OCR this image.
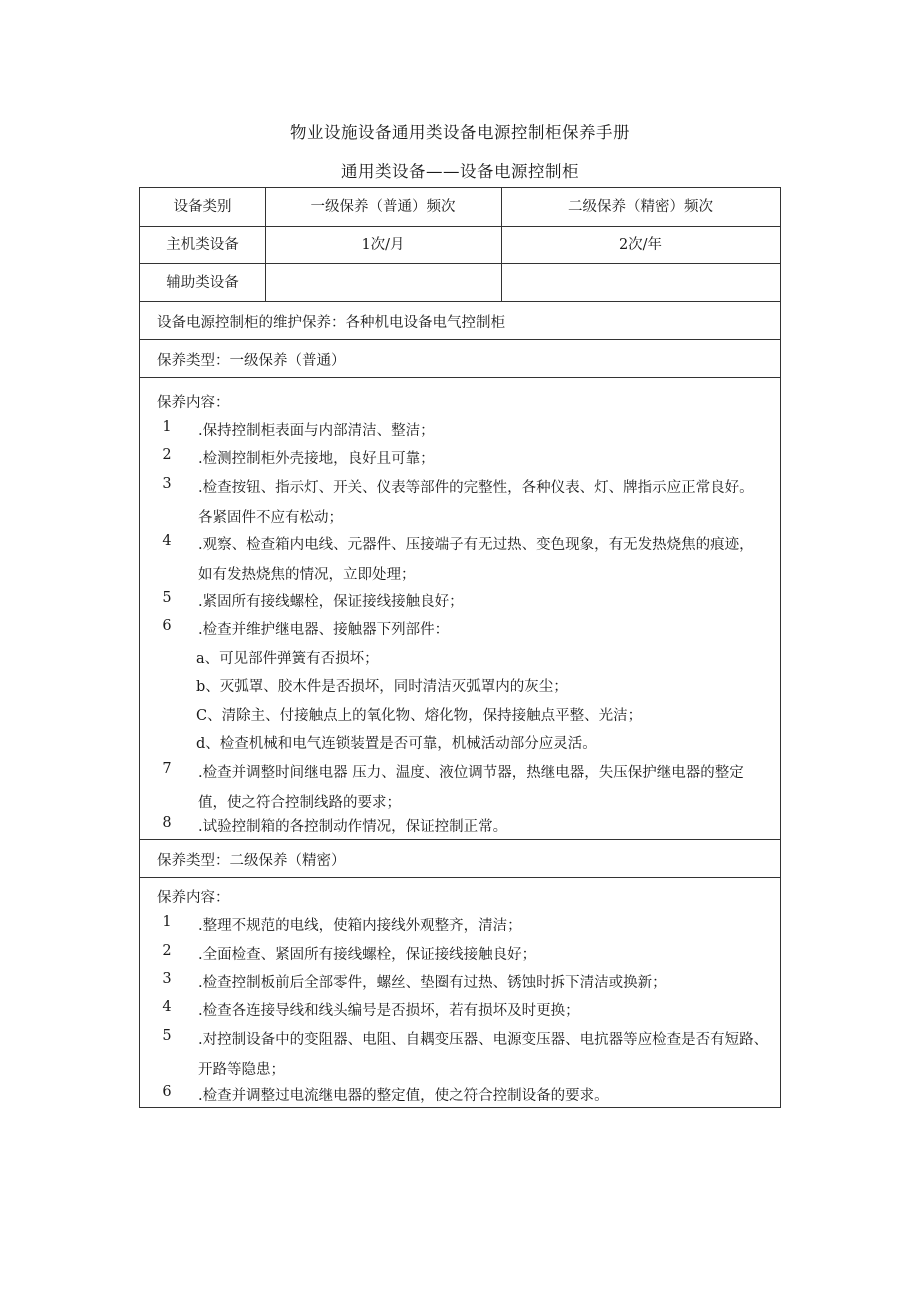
物业设施设备通用类设备电源控制柜保养手册
通用类设备——设备电源控制柜
设备类别	一级保养（普通）频次	二级保养（精密）频次
主机类设备	1次/月	2次/年
辅助类设备
设备电源控制柜的维护保养：各种机电设备电气控制柜
保养类型：一级保养（普通）
保养内容：
1 .保持控制柜表面与内部清洁、整洁；
2 .检测控制柜外壳接地，良好且可靠；
3 .检查按钮、指示灯、开关、仪表等部件的完整性，各种仪表、灯、牌指示应正常良好。
各紧固件不应有松动；
4 .观察、检查箱内电线、元器件、压接端子有无过热、变色现象，有无发热烧焦的痕迹，
如有发热烧焦的情况，立即处理；
5 .紧固所有接线螺栓，保证接线接触良好；
6 .检查并维护继电器、接触器下列部件：
a、可见部件弹簧有否损坏；
b、灭弧罩、胶木件是否损坏，同时清洁灭弧罩内的灰尘；
C、清除主、付接触点上的氧化物、熔化物，保持接触点平整、光洁；
d、检查机械和电气连锁装置是否可靠，机械活动部分应灵活。
7 .检查并调整时间继电器 压力、温度、液位调节器，热继电器，失压保护继电器的整定
值，使之符合控制线路的要求；
8 .试验控制箱的各控制动作情况，保证控制正常。
保养类型：二级保养（精密）
保养内容：
1 .整理不规范的电线，使箱内接线外观整齐，清洁；
2 .全面检查、紧固所有接线螺栓，保证接线接触良好；
3 .检查控制板前后全部零件，螺丝、垫圈有过热、锈蚀时拆下清洁或换新；
4 .检查各连接导线和线头编号是否损坏，若有损坏及时更换；
5 .对控制设备中的变阻器、电阻、自耦变压器、电源变压器、电抗器等应检查是否有短路、
开路等隐患；
6 .检查并调整过电流继电器的整定值，使之符合控制设备的要求。
